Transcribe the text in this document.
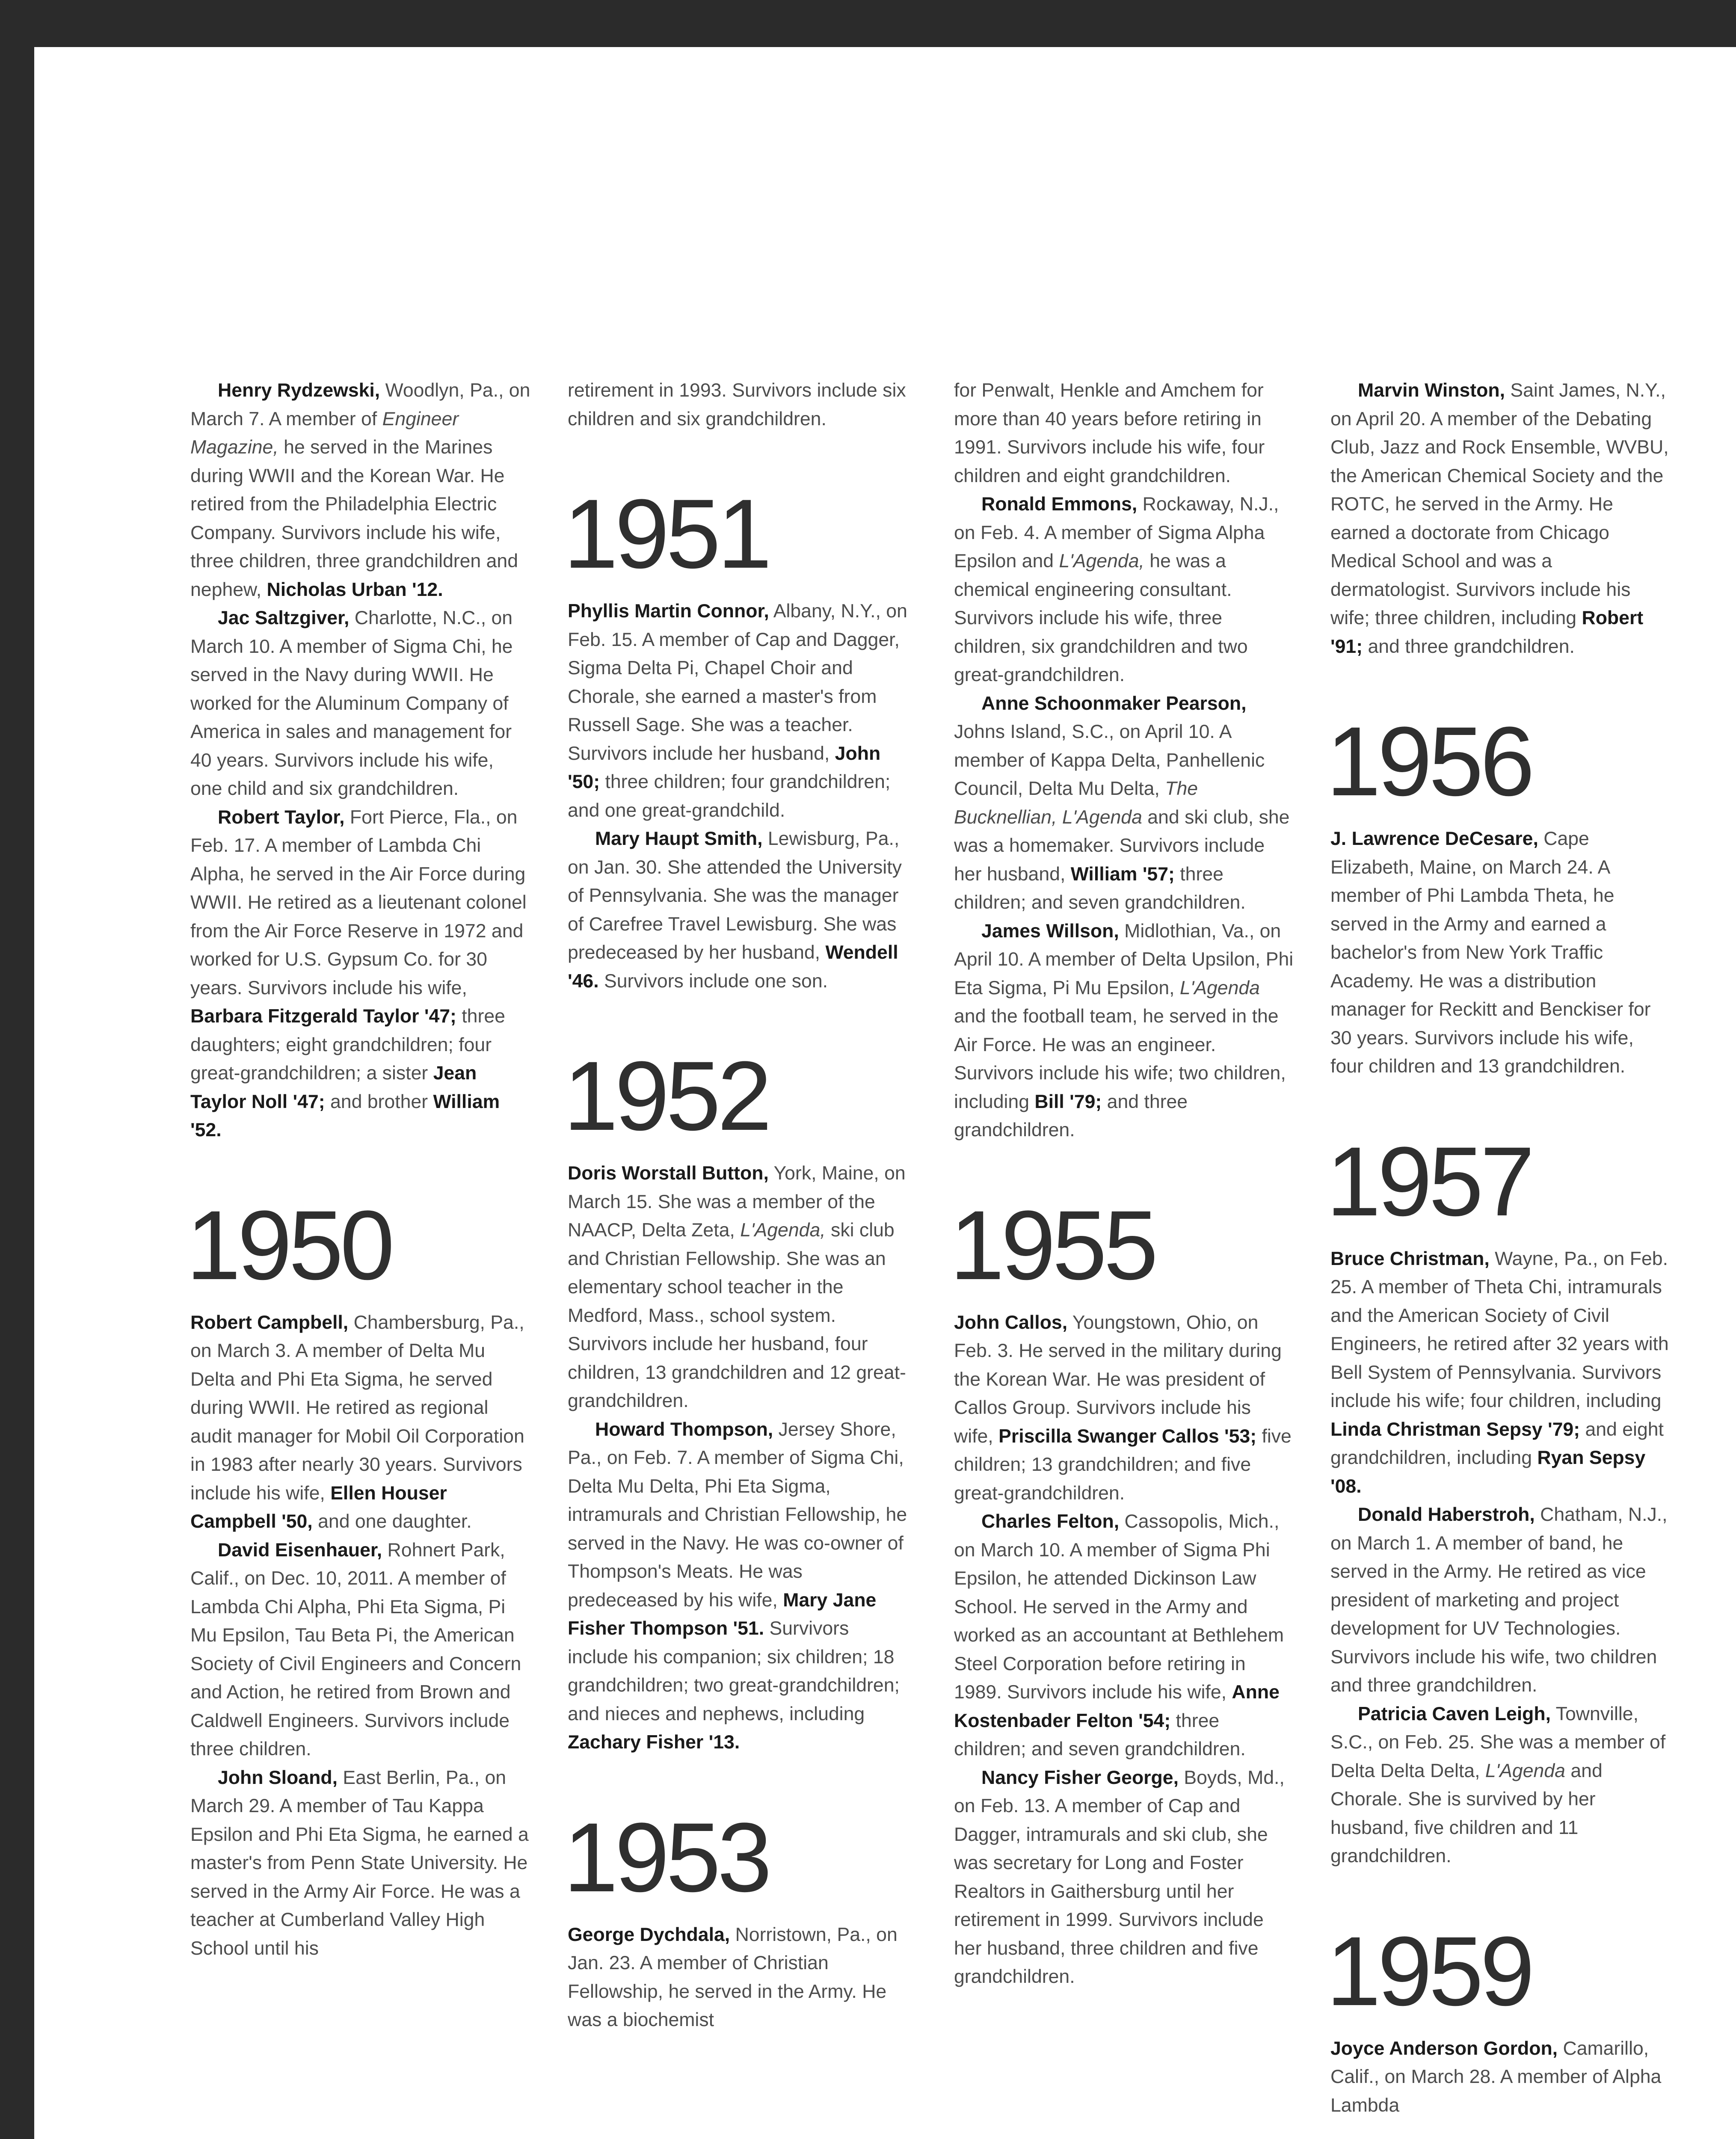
Henry Rydzewski, Woodlyn, Pa., on March 7. A member of Engineer Magazine, he served in the Marines during WWII and the Korean War. He retired from the Philadelphia Electric Company. Survivors include his wife, three children, three grandchildren and nephew, Nicholas Urban '12.

Jac Saltzgiver, Charlotte, N.C., on March 10. A member of Sigma Chi, he served in the Navy during WWII. He worked for the Aluminum Company of America in sales and management for 40 years. Survivors include his wife, one child and six grandchildren.

Robert Taylor, Fort Pierce, Fla., on Feb. 17. A member of Lambda Chi Alpha, he served in the Air Force during WWII. He retired as a lieutenant colonel from the Air Force Reserve in 1972 and worked for U.S. Gypsum Co. for 30 years. Survivors include his wife, Barbara Fitzgerald Taylor '47; three daughters; eight grandchildren; four great-grandchildren; a sister Jean Taylor Noll '47; and brother William '52.

1950

Robert Campbell, Chambersburg, Pa., on March 3. A member of Delta Mu Delta and Phi Eta Sigma, he served during WWII. He retired as regional audit manager for Mobil Oil Corporation in 1983 after nearly 30 years. Survivors include his wife, Ellen Houser Campbell '50, and one daughter.

David Eisenhauer, Rohnert Park, Calif., on Dec. 10, 2011. A member of Lambda Chi Alpha, Phi Eta Sigma, Pi Mu Epsilon, Tau Beta Pi, the American Society of Civil Engineers and Concern and Action, he retired from Brown and Caldwell Engineers. Survivors include three children.

John Sloand, East Berlin, Pa., on March 29. A member of Tau Kappa Epsilon and Phi Eta Sigma, he earned a master's from Penn State University. He served in the Army Air Force. He was a teacher at Cumberland Valley High School until his

retirement in 1993. Survivors include six children and six grandchildren.

1951

Phyllis Martin Connor, Albany, N.Y., on Feb. 15. A member of Cap and Dagger, Sigma Delta Pi, Chapel Choir and Chorale, she earned a master's from Russell Sage. She was a teacher. Survivors include her husband, John '50; three children; four grandchildren; and one great-grandchild.

Mary Haupt Smith, Lewisburg, Pa., on Jan. 30. She attended the University of Pennsylvania. She was the manager of Carefree Travel Lewisburg. She was predeceased by her husband, Wendell '46. Survivors include one son.

1952

Doris Worstall Button, York, Maine, on March 15. She was a member of the NAACP, Delta Zeta, L'Agenda, ski club and Christian Fellowship. She was an elementary school teacher in the Medford, Mass., school system. Survivors include her husband, four children, 13 grandchildren and 12 great-grandchildren.

Howard Thompson, Jersey Shore, Pa., on Feb. 7. A member of Sigma Chi, Delta Mu Delta, Phi Eta Sigma, intramurals and Christian Fellowship, he served in the Navy. He was co-owner of Thompson's Meats. He was predeceased by his wife, Mary Jane Fisher Thompson '51. Survivors include his companion; six children; 18 grandchildren; two great-grandchildren; and nieces and nephews, including Zachary Fisher '13.

1953

George Dychdala, Norristown, Pa., on Jan. 23. A member of Christian Fellowship, he served in the Army. He was a biochemist

for Penwalt, Henkle and Amchem for more than 40 years before retiring in 1991. Survivors include his wife, four children and eight grandchildren.

Ronald Emmons, Rockaway, N.J., on Feb. 4. A member of Sigma Alpha Epsilon and L'Agenda, he was a chemical engineering consultant. Survivors include his wife, three children, six grandchildren and two great-grandchildren.

Anne Schoonmaker Pearson, Johns Island, S.C., on April 10. A member of Kappa Delta, Panhellenic Council, Delta Mu Delta, The Bucknellian, L'Agenda and ski club, she was a homemaker. Survivors include her husband, William '57; three children; and seven grandchildren.

James Willson, Midlothian, Va., on April 10. A member of Delta Upsilon, Phi Eta Sigma, Pi Mu Epsilon, L'Agenda and the football team, he served in the Air Force. He was an engineer. Survivors include his wife; two children, including Bill '79; and three grandchildren.

1955

John Callos, Youngstown, Ohio, on Feb. 3. He served in the military during the Korean War. He was president of Callos Group. Survivors include his wife, Priscilla Swanger Callos '53; five children; 13 grandchildren; and five great-grandchildren.

Charles Felton, Cassopolis, Mich., on March 10. A member of Sigma Phi Epsilon, he attended Dickinson Law School. He served in the Army and worked as an accountant at Bethlehem Steel Corporation before retiring in 1989. Survivors include his wife, Anne Kostenbader Felton '54; three children; and seven grandchildren.

Nancy Fisher George, Boyds, Md., on Feb. 13. A member of Cap and Dagger, intramurals and ski club, she was secretary for Long and Foster Realtors in Gaithersburg until her retirement in 1999. Survivors include her husband, three children and five grandchildren.

Marvin Winston, Saint James, N.Y., on April 20. A member of the Debating Club, Jazz and Rock Ensemble, WVBU, the American Chemical Society and the ROTC, he served in the Army. He earned a doctorate from Chicago Medical School and was a dermatologist. Survivors include his wife; three children, including Robert '91; and three grandchildren.

1956

J. Lawrence DeCesare, Cape Elizabeth, Maine, on March 24. A member of Phi Lambda Theta, he served in the Army and earned a bachelor's from New York Traffic Academy. He was a distribution manager for Reckitt and Benckiser for 30 years. Survivors include his wife, four children and 13 grandchildren.

1957

Bruce Christman, Wayne, Pa., on Feb. 25. A member of Theta Chi, intramurals and the American Society of Civil Engineers, he retired after 32 years with Bell System of Pennsylvania. Survivors include his wife; four children, including Linda Christman Sepsy '79; and eight grandchildren, including Ryan Sepsy '08.

Donald Haberstroh, Chatham, N.J., on March 1. A member of band, he served in the Army. He retired as vice president of marketing and project development for UV Technologies. Survivors include his wife, two children and three grandchildren.

Patricia Caven Leigh, Townville, S.C., on Feb. 25. She was a member of Delta Delta Delta, L'Agenda and Chorale. She is survived by her husband, five children and 11 grandchildren.

1959

Joyce Anderson Gordon, Camarillo, Calif., on March 28. A member of Alpha Lambda
